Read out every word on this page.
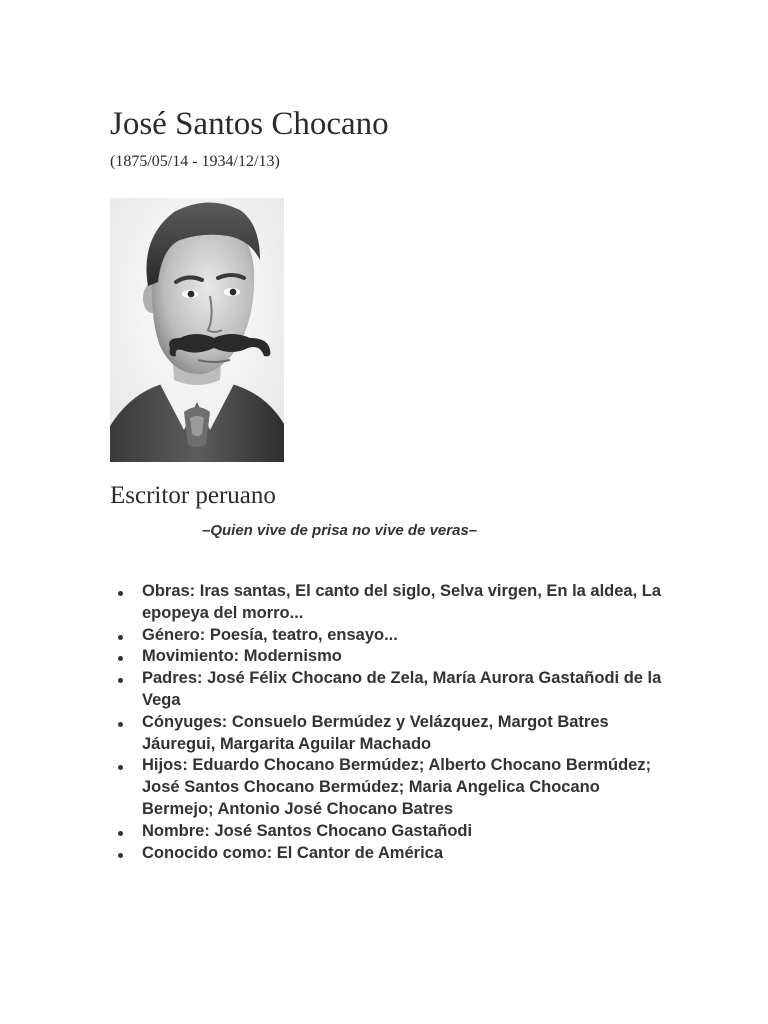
José Santos Chocano
(1875/05/14 - 1934/12/13)
Escritor peruano
–Quien vive de prisa no vive de veras–
Obras: Iras santas, El canto del siglo, Selva virgen, En la aldea, La epopeya del morro...
Género: Poesía, teatro, ensayo...
Movimiento: Modernismo
Padres: José Félix Chocano de Zela, María Aurora Gastañodi de la Vega
Cónyuges: Consuelo Bermúdez y Velázquez, Margot Batres Jáuregui, Margarita Aguilar Machado
Hijos: Eduardo Chocano Bermúdez; Alberto Chocano Bermúdez; José Santos Chocano Bermúdez; Maria Angelica Chocano Bermejo; Antonio José Chocano Batres
Nombre: José Santos Chocano Gastañodi
Conocido como: El Cantor de América
